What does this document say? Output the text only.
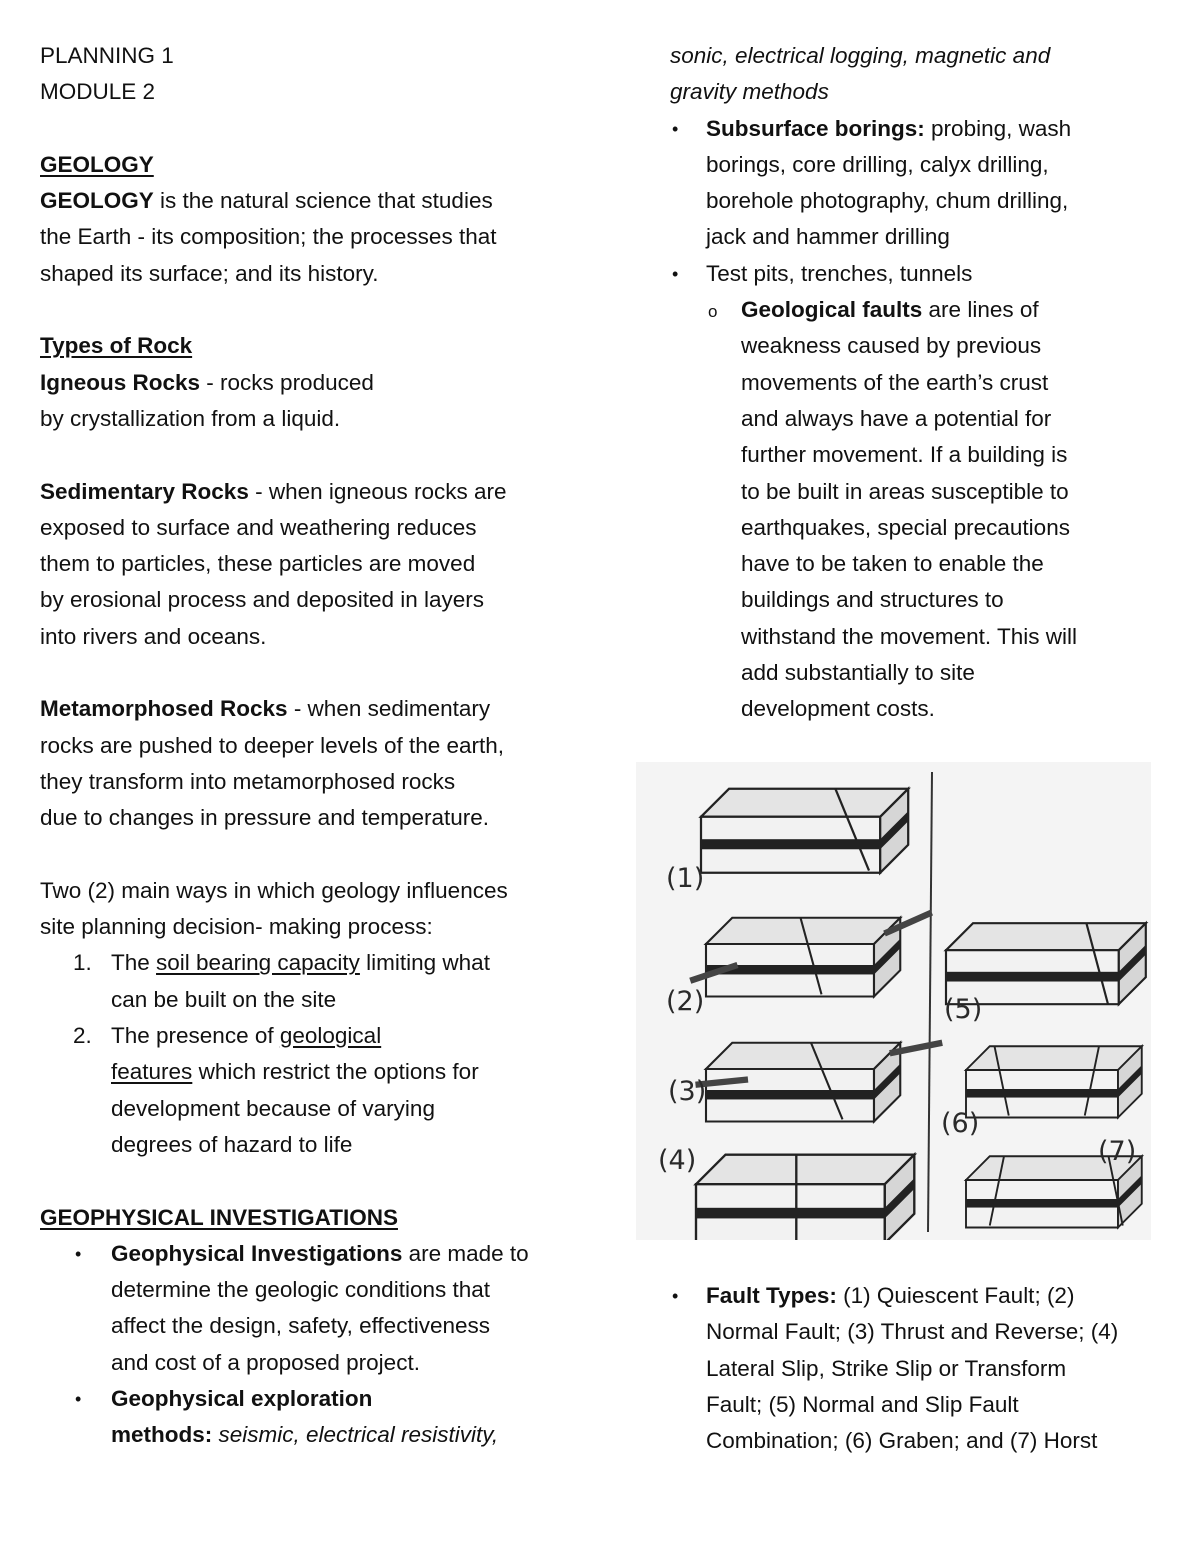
PLANNING 1

MODULE 2

GEOLOGY

GEOLOGY is the natural science that studies

the Earth - its composition; the processes that

shaped its surface; and its history.

Types of Rock

Igneous Rocks - rocks produced

by crystallization from a liquid.

Sedimentary Rocks - when igneous rocks are

exposed to surface and weathering reduces

them to particles, these particles are moved

by erosional process and deposited in layers

into rivers and oceans.

Metamorphosed Rocks - when sedimentary

rocks are pushed to deeper levels of the earth,

they transform into metamorphosed rocks

due to changes in pressure and temperature.

Two (2) main ways in which geology influences

site planning decision- making process:

1. The soil bearing capacity limiting what

can be built on the site

2. The presence of geological

features which restrict the options for

development because of varying

degrees of hazard to life

GEOPHYSICAL INVESTIGATIONS

• Geophysical Investigations are made to

determine the geologic conditions that

affect the design, safety, effectiveness

and cost of a proposed project.

• Geophysical exploration

methods: seismic, electrical resistivity,

sonic, electrical logging, magnetic and

gravity methods

• Subsurface borings: probing, wash

borings, core drilling, calyx drilling,

borehole photography, chum drilling,

jack and hammer drilling

• Test pits, trenches, tunnels

o Geological faults are lines of

weakness caused by previous

movements of the earth’s crust

and always have a potential for

further movement. If a building is

to be built in areas susceptible to

earthquakes, special precautions

have to be taken to enable the

buildings and structures to

withstand the movement. This will

add substantially to site

development costs.

(1)
(2)
(3)
(4)
(5)
(6)
(7)
• Fault Types: (1) Quiescent Fault; (2)

Normal Fault; (3) Thrust and Reverse; (4)

Lateral Slip, Strike Slip or Transform

Fault; (5) Normal and Slip Fault

Combination; (6) Graben; and (7) Horst
